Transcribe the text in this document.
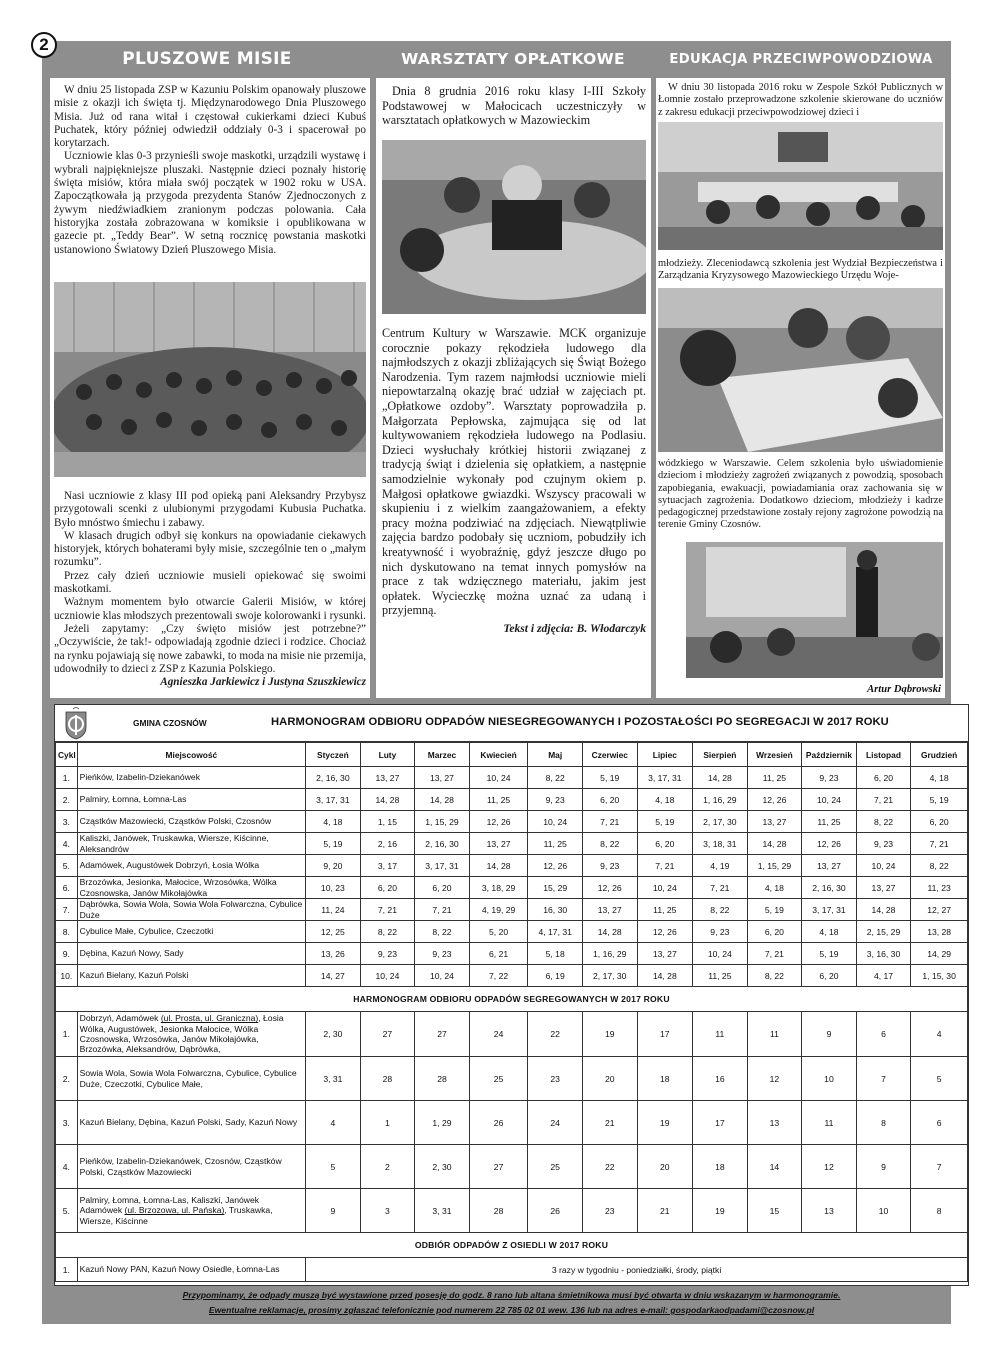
2
PLUSZOWE MISIE	WARSZTATY OPŁATKOWE	EDUKACJA PRZECIWPOWODZIOWA

W dniu 25 listopada ZSP w Kazuniu Polskim opanowały pluszowe misie z okazji ich święta tj. Międzynarodowego Dnia Pluszowego Misia. Już od rana witał i częstował cukierkami dzieci Kubuś Puchatek, który później odwiedził oddziały 0-3 i spacerował po korytarzach.

Uczniowie klas 0-3 przynieśli swoje maskotki, urządzili wystawę i wybrali najpiękniejsze pluszaki. Następnie dzieci poznały historię święta misiów, która miała swój początek w 1902 roku w USA. Zapoczątkowała ją przygoda prezydenta Stanów Zjednoczonych z żywym niedźwiadkiem zranionym podczas polowania. Cała historyjka została zobrazowana w komiksie i opublikowana w gazecie pt. „Teddy Bear”. W setną rocznicę powstania maskotki ustanowiono Światowy Dzień Pluszowego Misia.

Nasi uczniowie z klasy III pod opieką pani Aleksandry Przybysz przygotowali scenki z ulubionymi przygodami Kubusia Puchatka. Było mnóstwo śmiechu i zabawy.

W klasach drugich odbył się konkurs na opowiadanie ciekawych historyjek, których bohaterami były misie, szczególnie ten o „małym rozumku”.

Przez cały dzień uczniowie musieli opiekować się swoimi maskotkami.

Ważnym momentem było otwarcie Galerii Misiów, w której uczniowie klas młodszych prezentowali swoje kolorowanki i rysunki.

Jeżeli zapytamy: „Czy święto misiów jest potrzebne?” „Oczywiście, że tak!- odpowiadają zgodnie dzieci i rodzice. Chociaż na rynku pojawiają się nowe zabawki, to moda na misie nie przemija, udowodniły to dzieci z ZSP z Kazunia Polskiego.

Agnieszka Jarkiewicz i Justyna Szuszkiewicz

Dnia 8 grudnia 2016 roku klasy I-III Szkoły Podstawowej w Małocicach uczestniczyły w warsztatach opłatkowych w Mazowieckim

Centrum Kultury w Warszawie. MCK organizuje corocznie pokazy rękodzieła ludowego dla najmłodszych z okazji zbliżających się Świąt Bożego Narodzenia. Tym razem najmłodsi uczniowie mieli niepowtarzalną okazję brać udział w zajęciach pt. „Opłatkowe ozdoby”. Warsztaty poprowadziła p. Małgorzata Pepłowska, zajmująca się od lat kultywowaniem rękodzieła ludowego na Podlasiu. Dzieci wysłuchały krótkiej historii związanej z tradycją świąt i dzielenia się opłatkiem, a następnie samodzielnie wykonały pod czujnym okiem p. Małgosi opłatkowe gwiazdki. Wszyscy pracowali w skupieniu i z wielkim zaangażowaniem, a efekty pracy można podziwiać na zdjęciach. Niewątpliwie zajęcia bardzo podobały się uczniom, pobudziły ich kreatywność i wyobraźnię, gdyż jeszcze długo po nich dyskutowano na temat innych pomysłów na prace z tak wdzięcznego materiału, jakim jest opłatek. Wycieczkę można uznać za udaną i przyjemną.

Tekst i zdjęcia: B. Włodarczyk

W dniu 30 listopada 2016 roku w Zespole Szkół Publicznych w Łomnie zostało przeprowadzone szkolenie skierowane do uczniów z zakresu edukacji przeciwpowodziowej dzieci i

młodzieży. Zleceniodawcą szkolenia jest Wydział Bezpieczeństwa i Zarządzania Kryzysowego Mazowieckiego Urzędu Woje-

wódzkiego w Warszawie. Celem szkolenia było uświadomienie dzieciom i młodzieży zagrożeń związanych z powodzią, sposobach zapobiegania, ewakuacji, powiadamiania oraz zachowania się w sytuacjach zagrożenia. Dodatkowo dzieciom, młodzieży i kadrze pedagogicznej przedstawione zostały rejony zagrożone powodzią na terenie Gminy Czosnów.

Artur Dąbrowski
GMINA CZOSNÓW	HARMONOGRAM ODBIORU ODPADÓW NIESEGREGOWANYCH I POZOSTAŁOŚCI PO SEGREGACJI W 2017 ROKU
Cykl	Miejscowość	Styczeń	Luty	Marzec	Kwiecień	Maj	Czerwiec	Lipiec	Sierpień	Wrzesień	Październik	Listopad	Grudzień
1.	Pieńków, Izabelin-Dziekanówek	2, 16, 30	13, 27	13, 27	10, 24	8, 22	5, 19	3, 17, 31	14, 28	11, 25	9, 23	6, 20	4, 18
2.	Palmiry, Łomna, Łomna-Las	3, 17, 31	14, 28	14, 28	11, 25	9, 23	6, 20	4, 18	1, 16, 29	12, 26	10, 24	7, 21	5, 19
3.	Cząstków Mazowiecki, Cząstków Polski, Czosnów	4, 18	1, 15	1, 15, 29	12, 26	10, 24	7, 21	5, 19	2, 17, 30	13, 27	11, 25	8, 22	6, 20
4.	Kaliszki, Janówek, Truskawka, Wiersze, Kiścinne, Aleksandrów	5, 19	2, 16	2, 16, 30	13, 27	11, 25	8, 22	6, 20	3, 18, 31	14, 28	12, 26	9, 23	7, 21
5.	Adamówek, Augustówek Dobrzyń, Łosia Wólka	9, 20	3, 17	3, 17, 31	14, 28	12, 26	9, 23	7, 21	4, 19	1, 15, 29	13, 27	10, 24	8, 22
6.	Brzozówka, Jesionka, Małocice, Wrzosówka, Wólka Czosnowska, Janów Mikołajówka	10, 23	6, 20	6, 20	3, 18, 29	15, 29	12, 26	10, 24	7, 21	4, 18	2, 16, 30	13, 27	11, 23
7.	Dąbrówka, Sowia Wola, Sowia Wola Folwarczna, Cybulice Duże	11, 24	7, 21	7, 21	4, 19, 29	16, 30	13, 27	11, 25	8, 22	5, 19	3, 17, 31	14, 28	12, 27
8.	Cybulice Małe, Cybulice, Czeczotki	12, 25	8, 22	8, 22	5, 20	4, 17, 31	14, 28	12, 26	9, 23	6, 20	4, 18	2, 15, 29	13, 28
9.	Dębina, Kazuń Nowy, Sady	13, 26	9, 23	9, 23	6, 21	5, 18	1, 16, 29	13, 27	10, 24	7, 21	5, 19	3, 16, 30	14, 29
10.	Kazuń Bielany, Kazuń Polski	14, 27	10, 24	10, 24	7, 22	6, 19	2, 17, 30	14, 28	11, 25	8, 22	6, 20	4, 17	1, 15, 30
HARMONOGRAM ODBIORU ODPADÓW SEGREGOWANYCH W 2017 ROKU													
1.	Dobrzyń, Adamówek (ul. Prosta, ul. Graniczna), Łosia Wólka, Augustówek, Jesionka Małocice, Wólka Czosnowska, Wrzosówka, Janów Mikołajówka, Brzozówka, Aleksandrów, Dąbrówka,	2, 30	27	27	24	22	19	17	11	11	9	6	4
2.	Sowia Wola, Sowia Wola Folwarczna, Cybulice, Cybulice Duże, Czeczotki, Cybulice Małe,	3, 31	28	28	25	23	20	18	16	12	10	7	5
3.	Kazuń Bielany, Dębina, Kazuń Polski, Sady, Kazuń Nowy	4	1	1, 29	26	24	21	19	17	13	11	8	6
4.	Pieńków, Izabelin-Dziekanówek, Czosnów, Cząstków Polski, Cząstków Mazowiecki	5	2	2, 30	27	25	22	20	18	14	12	9	7
5.	Palmiry, Łomna, Łomna-Las, Kaliszki, Janówek Adamówek (ul. Brzozowa, ul. Pańska), Truskawka, Wiersze, Kiścinne	9	3	3, 31	28	26	23	21	19	15	13	10	8
ODBIÓR ODPADÓW Z OSIEDLI W 2017 ROKU													
1.	Kazuń Nowy PAN, Kazuń Nowy Osiedle, Łomna-Las	3 razy w tygodniu - poniedziałki, środy, piątki											
Przypominamy, że odpady muszą być wystawione przed posesję do godz. 8 rano lub altana śmietnikowa musi być otwarta w dniu wskazanym w harmonogramie.
Ewentualne reklamacje, prosimy zgłaszać telefonicznie pod numerem 22 785 02 01 wew. 136 lub na adres e-mail: gospodarkaodpadami@czosnow.pl
